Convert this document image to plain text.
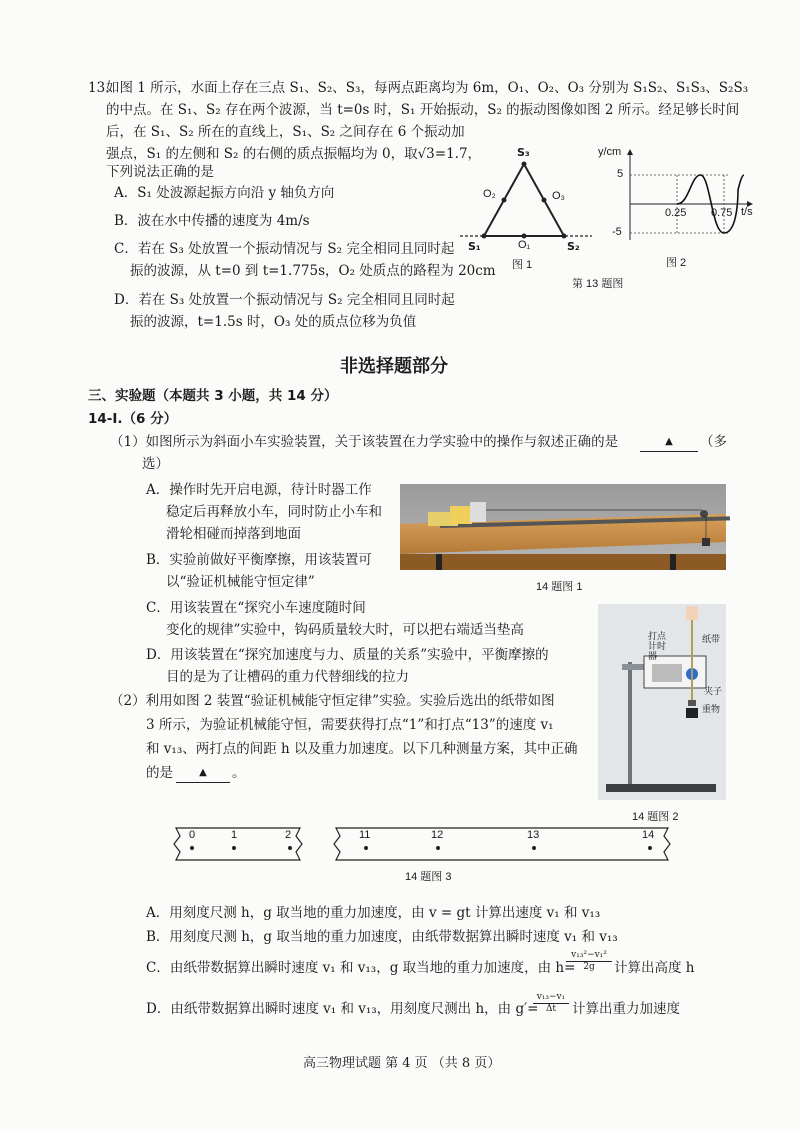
13.
如图 1 所示，水面上存在三点 S₁、S₂、S₃，每两点距离均为 6m，O₁、O₂、O₃ 分别为 S₁S₂、S₁S₃、S₂S₃
的中点。在 S₁、S₂ 存在两个波源，当 t=0s 时，S₁ 开始振动，S₂ 的振动图像如图 2 所示。经足够长时间
后，在 S₁、S₂ 所在的直线上，S₁、S₂ 之间存在 6 个振动加
强点，S₁ 的左侧和 S₂ 的右侧的质点振幅均为 0，取√3=1.7，
下列说法正确的是
A．S₁ 处波源起振方向沿 y 轴负方向
B．波在水中传播的速度为 4m/s
C．若在 S₃ 处放置一个振动情况与 S₂ 完全相同且同时起
振的波源，从 t=0 到 t=1.775s，O₂ 处质点的路程为 20cm
D．若在 S₃ 处放置一个振动情况与 S₂ 完全相同且同时起
振的波源，t=1.5s 时，O₃ 处的质点位移为负值
S₃
S₁	S₂
O₁
O₂	O₃
图 1
y/cm
t/s
5
-5
0.25 0.75
图 2
第 13 题图
非选择题部分
三、实验题（本题共 3 小题，共 14 分）
14-Ⅰ.（6 分）
（1）如图所示为斜面小车实验装置，关于该装置在力学实验中的操作与叙述正确的是	▲	（多
选）
A．操作时先开启电源，待计时器工作
稳定后再释放小车，同时防止小车和
滑轮相碰而掉落到地面
B．实验前做好平衡摩擦，用该装置可
以“验证机械能守恒定律”
C．用该装置在“探究小车速度随时间
变化的规律”实验中，钩码质量较大时，可以把右端适当垫高
D．用该装置在“探究加速度与力、质量的关系”实验中，平衡摩擦的
目的是为了让槽码的重力代替细线的拉力
14 题图 1
打点计时器
纸带
夹子
重物
14 题图 2
（2）利用如图 2 装置“验证机械能守恒定律”实验。实验后选出的纸带如图
3 所示，为验证机械能守恒，需要获得打点“1”和打点“13”的速度 v₁
和 v₁₃、两打点的间距 h 以及重力加速度。以下几种测量方案，其中正确
的是	▲	。
0	1	2	11	12	13	14
14 题图 3
A．用刻度尺测 h，g 取当地的重力加速度，由 v = gt 计算出速度 v₁ 和 v₁₃
B．用刻度尺测 h，g 取当地的重力加速度，由纸带数据算出瞬时速度 v₁ 和 v₁₃
C．由纸带数据算出瞬时速度 v₁ 和 v₁₃，g 取当地的重力加速度，由 h=
v₁₃²−v₁²
2g	计算出高度 h
D．由纸带数据算出瞬时速度 v₁ 和 v₁₃，用刻度尺测出 h，由 g′=
v₁₃−v₁
Δt	计算出重力加速度
高三物理试题 第 4 页 （共 8 页）
